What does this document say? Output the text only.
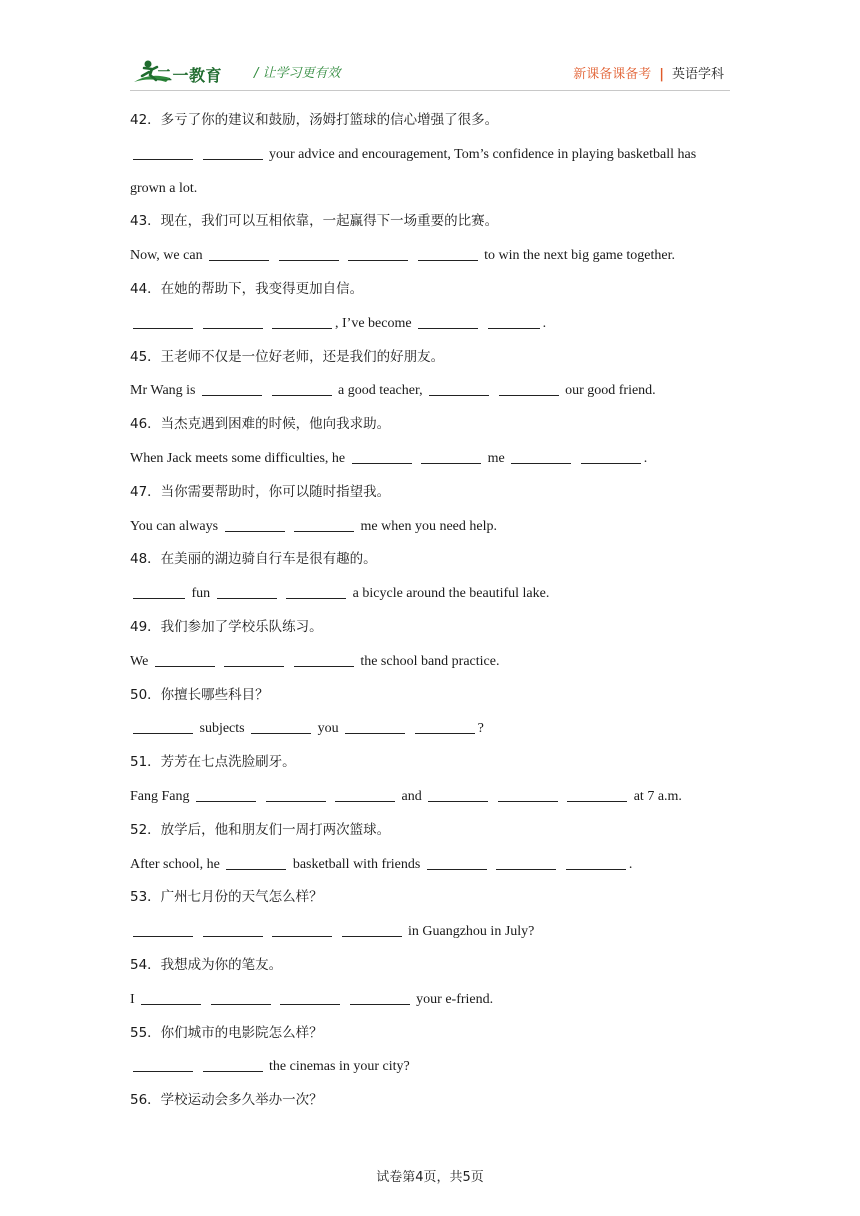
二一教育 / 让学习更有效	新课备课备考 | 英语学科
42．多亏了你的建议和鼓励，汤姆打篮球的信心增强了很多。
your advice and encouragement, Tom’s confidence in playing basketball has
grown a lot.
43．现在，我们可以互相依靠，一起赢得下一场重要的比赛。
Now, we can	to win the next big game together.
44．在她的帮助下，我变得更加自信。
, I’ve become	.
45．王老师不仅是一位好老师，还是我们的好朋友。
Mr Wang is	a good teacher,	our good friend.
46．当杰克遇到困难的时候，他向我求助。
When Jack meets some difficulties, he	me	.
47．当你需要帮助时，你可以随时指望我。
You can always	me when you need help.
48．在美丽的湖边骑自行车是很有趣的。
fun	a bicycle around the beautiful lake.
49．我们参加了学校乐队练习。
We	the school band practice.
50．你擅长哪些科目？
subjects	you	?
51．芳芳在七点洗脸刷牙。
Fang Fang	and	at 7 a.m.
52．放学后，他和朋友们一周打两次篮球。
After school, he	basketball with friends	.
53．广州七月份的天气怎么样？
in Guangzhou in July?
54．我想成为你的笔友。
I	your e-friend.
55．你们城市的电影院怎么样？
the cinemas in your city?
56．学校运动会多久举办一次？
试卷第4页，共5页
